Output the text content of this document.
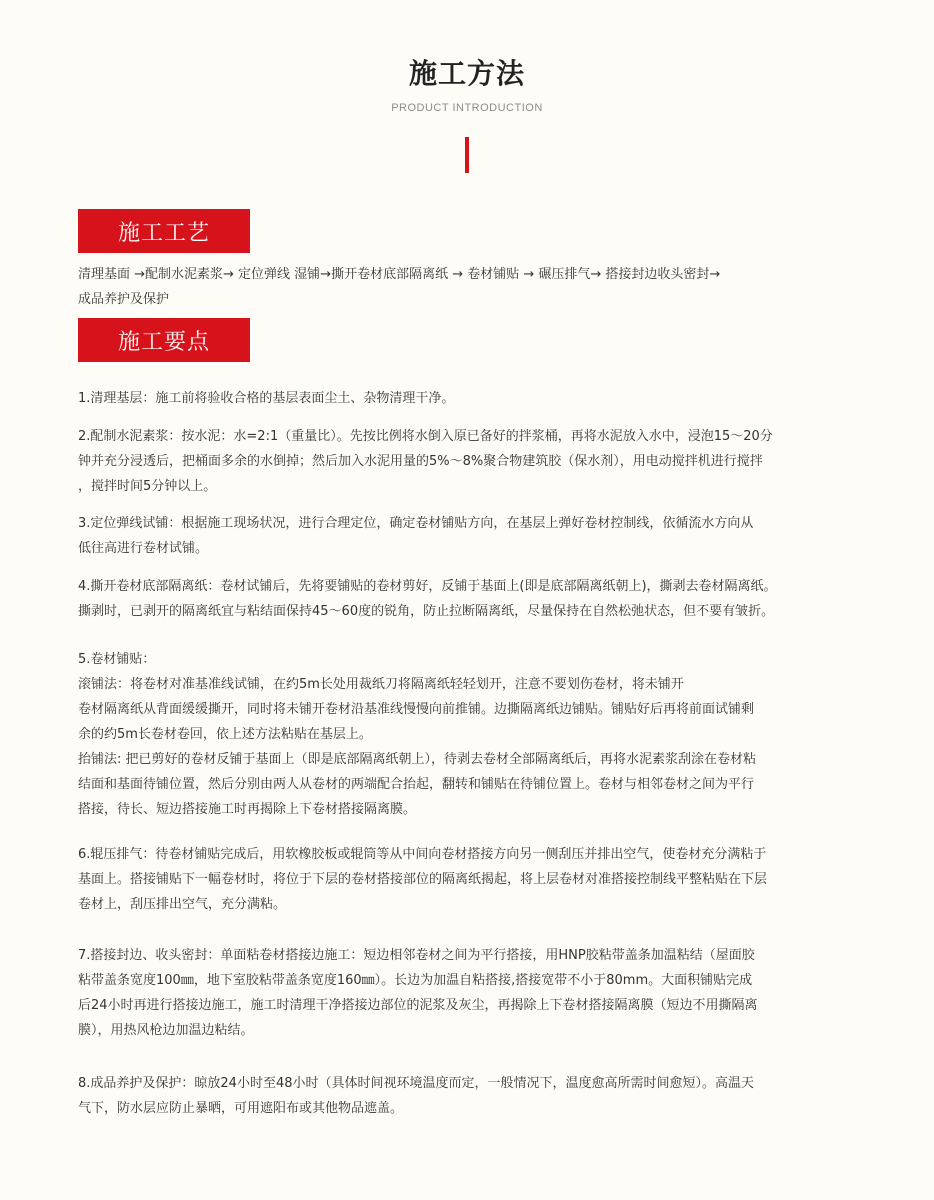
施工方法
PRODUCT INTRODUCTION
施工工艺
清理基面 →配制水泥素浆→ 定位弹线 湿铺→撕开卷材底部隔离纸 → 卷材铺贴 → 碾压排气→ 搭接封边收头密封→
成品养护及保护
施工要点
1.清理基层：施工前将验收合格的基层表面尘土、杂物清理干净。
2.配制水泥素浆：按水泥：水=2:1（重量比）。先按比例将水倒入原已备好的拌浆桶，再将水泥放入水中，浸泡15～20分
钟并充分浸透后，把桶面多余的水倒掉；然后加入水泥用量的5%～8%聚合物建筑胶（保水剂），用电动搅拌机进行搅拌
，搅拌时间5分钟以上。
3.定位弹线试铺：根据施工现场状况，进行合理定位，确定卷材铺贴方向，在基层上弹好卷材控制线，依循流水方向从
低往高进行卷材试铺。
4.撕开卷材底部隔离纸：卷材试铺后，先将要铺贴的卷材剪好，反铺于基面上(即是底部隔离纸朝上)，撕剥去卷材隔离纸。
撕剥时，已剥开的隔离纸宜与粘结面保持45～60度的锐角，防止拉断隔离纸，尽量保持在自然松弛状态，但不要有皱折。
5.卷材铺贴：
滚铺法：将卷材对准基准线试铺，在约5m长处用裁纸刀将隔离纸轻轻划开，注意不要划伤卷材，将未铺开
卷材隔离纸从背面缓缓撕开，同时将未铺开卷材沿基准线慢慢向前推铺。边撕隔离纸边铺贴。铺贴好后再将前面试铺剩
余的约5m长卷材卷回，依上述方法粘贴在基层上。
抬铺法: 把已剪好的卷材反铺于基面上（即是底部隔离纸朝上），待剥去卷材全部隔离纸后，再将水泥素浆刮涂在卷材粘
结面和基面待铺位置，然后分别由两人从卷材的两端配合抬起，翻转和铺贴在待铺位置上。卷材与相邻卷材之间为平行
搭接，待长、短边搭接施工时再揭除上下卷材搭接隔离膜。
6.辊压排气：待卷材铺贴完成后，用软橡胶板或辊筒等从中间向卷材搭接方向另一侧刮压并排出空气，使卷材充分满粘于
基面上。搭接铺贴下一幅卷材时，将位于下层的卷材搭接部位的隔离纸揭起，将上层卷材对准搭接控制线平整粘贴在下层
卷材上，刮压排出空气，充分满粘。
7.搭接封边、收头密封：单面粘卷材搭接边施工：短边相邻卷材之间为平行搭接，用HNP胶粘带盖条加温粘结（屋面胶
粘带盖条宽度100㎜，地下室胶粘带盖条宽度160㎜）。长边为加温自粘搭接,搭接宽带不小于80mm。大面积铺贴完成
后24小时再进行搭接边施工，施工时清理干净搭接边部位的泥浆及灰尘，再揭除上下卷材搭接隔离膜（短边不用撕隔离
膜），用热风枪边加温边粘结。
8.成品养护及保护：晾放24小时至48小时（具体时间视环境温度而定，一般情况下，温度愈高所需时间愈短）。高温天
气下，防水层应防止暴晒，可用遮阳布或其他物品遮盖。
